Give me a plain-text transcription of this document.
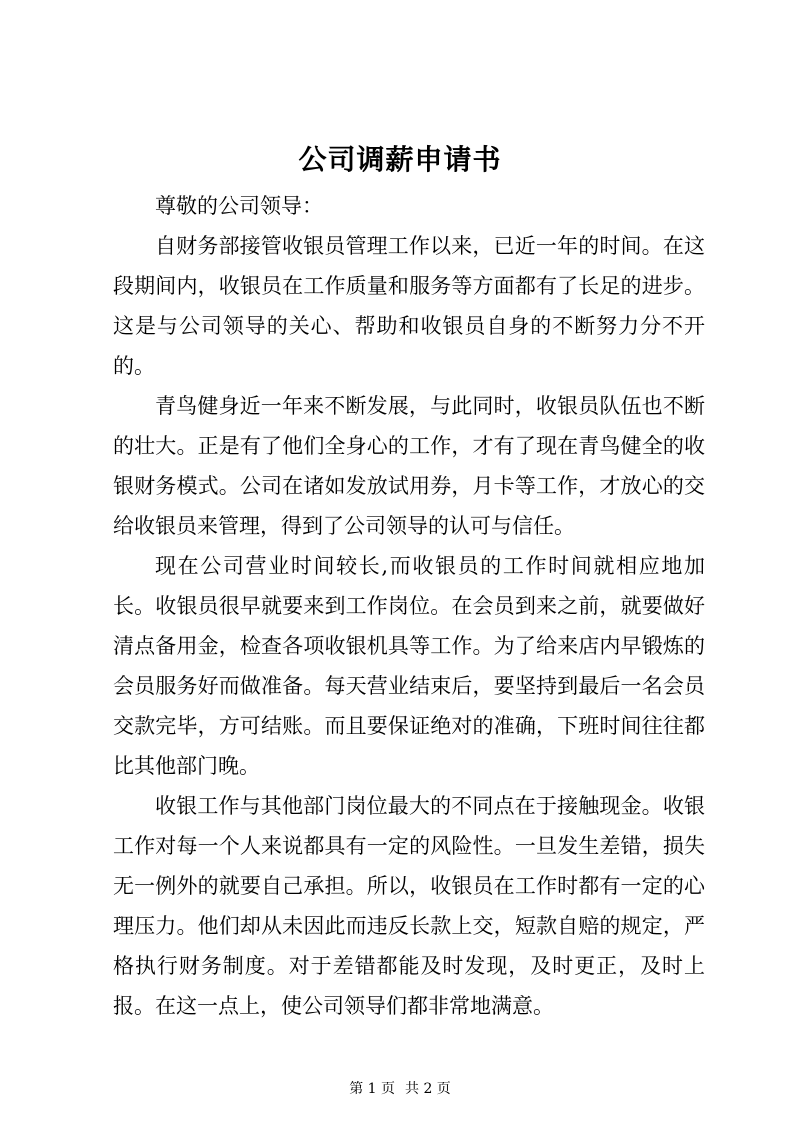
公司调薪申请书

尊敬的公司领导：

自财务部接管收银员管理工作以来，已近一年的时间。在这段期间内，收银员在工作质量和服务等方面都有了长足的进步。这是与公司领导的关心、帮助和收银员自身的不断努力分不开的。

青鸟健身近一年来不断发展，与此同时，收银员队伍也不断的壮大。正是有了他们全身心的工作，才有了现在青鸟健全的收银财务模式。公司在诸如发放试用券，月卡等工作，才放心的交给收银员来管理，得到了公司领导的认可与信任。

现在公司营业时间较长,而收银员的工作时间就相应地加长。收银员很早就要来到工作岗位。在会员到来之前，就要做好清点备用金，检查各项收银机具等工作。为了给来店内早锻炼的会员服务好而做准备。每天营业结束后，要坚持到最后一名会员交款完毕，方可结账。而且要保证绝对的准确，下班时间往往都比其他部门晚。

收银工作与其他部门岗位最大的不同点在于接触现金。收银工作对每一个人来说都具有一定的风险性。一旦发生差错，损失无一例外的就要自己承担。所以，收银员在工作时都有一定的心理压力。他们却从未因此而违反长款上交，短款自赔的规定，严格执行财务制度。对于差错都能及时发现，及时更正，及时上报。在这一点上，使公司领导们都非常地满意。

第 1 页 共 2 页
